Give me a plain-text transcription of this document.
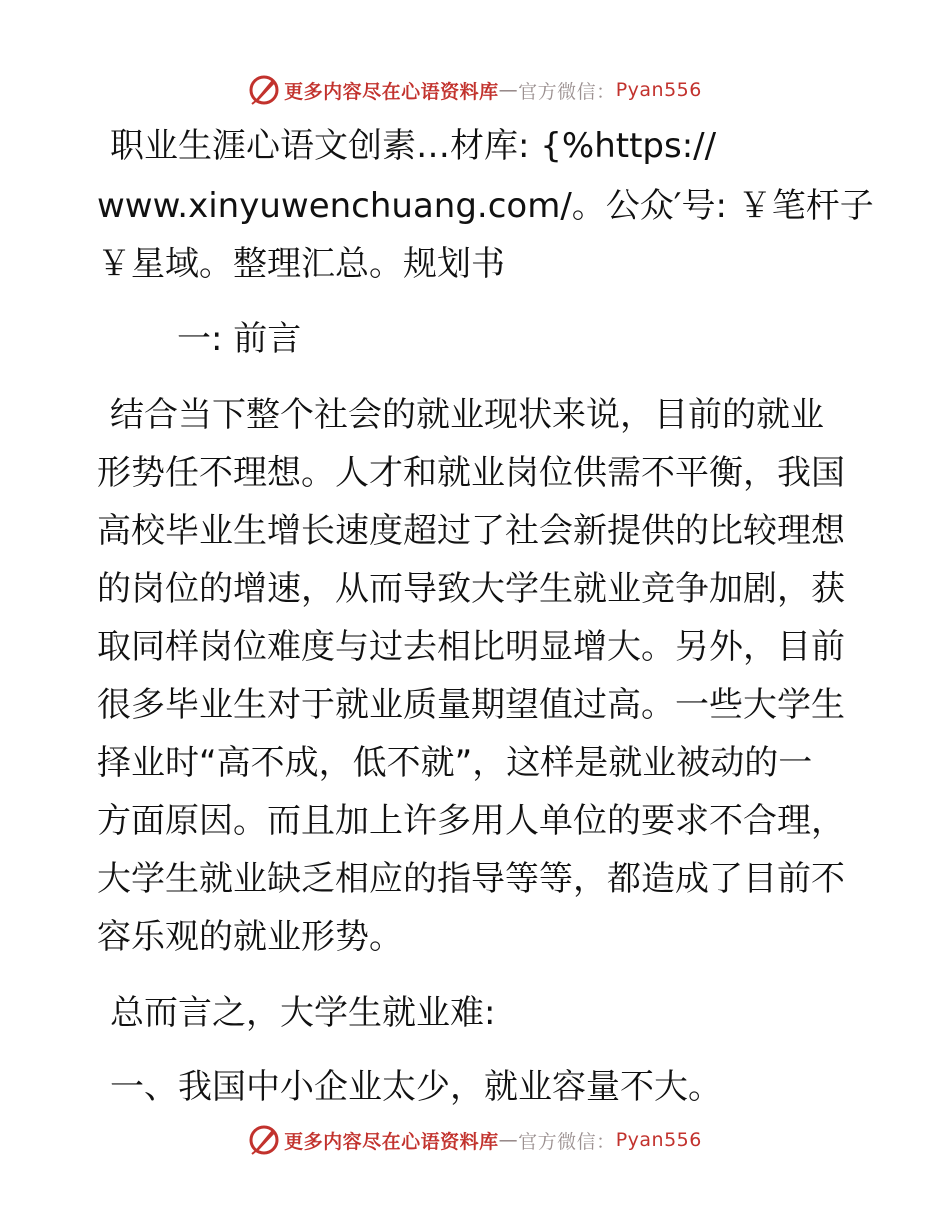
更多内容尽在心语资料库 — 官方微信： Pyan556

职业生涯心语文创素…材库: {%https://

www.xinyuwenchuang.com/。公众′号: ￥笔杆子

￥星域。整理汇总。规划书

一: 前言

结合当下整个社会的就业现状来说，目前的就业

形势任不理想。人才和就业岗位供需不平衡，我国

高校毕业生增长速度超过了社会新提供的比较理想

的岗位的增速，从而导致大学生就业竞争加剧，获

取同样岗位难度与过去相比明显增大。另外，目前

很多毕业生对于就业质量期望值过高。一些大学生

择业时“高不成，低不就”，这样是就业被动的一

方面原因。而且加上许多用人单位的要求不合理，

大学生就业缺乏相应的指导等等，都造成了目前不

容乐观的就业形势。

总而言之，大学生就业难:

一、我国中小企业太少，就业容量不大。

更多内容尽在心语资料库 — 官方微信： Pyan556
